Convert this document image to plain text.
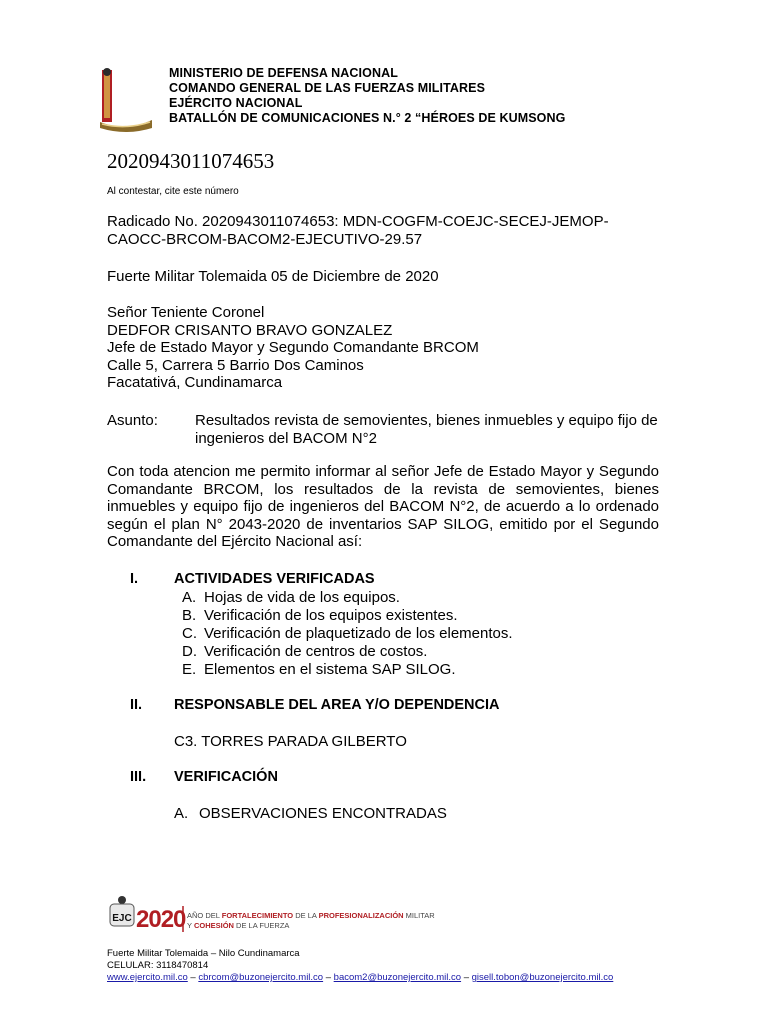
MINISTERIO DE DEFENSA NACIONAL
COMANDO GENERAL DE LAS FUERZAS MILITARES
EJÉRCITO NACIONAL
BATALLÓN DE COMUNICACIONES N.° 2 “HÉROES DE KUMSONG
2020943011074653
Al contestar, cite este número
Radicado No. 2020943011074653: MDN-COGFM-COEJC-SECEJ-JEMOP-
CAOCC-BRCOM-BACOM2-EJECUTIVO-29.57
Fuerte Militar Tolemaida 05 de Diciembre de 2020
Señor Teniente Coronel
DEDFOR CRISANTO BRAVO GONZALEZ
Jefe de Estado Mayor y Segundo Comandante BRCOM
Calle 5, Carrera 5 Barrio Dos Caminos
Facatativá, Cundinamarca
Asunto: Resultados revista de semovientes, bienes inmuebles y equipo fijo de
ingenieros del BACOM N°2
Con toda atencion me permito informar al señor Jefe de Estado Mayor y Segundo Comandante BRCOM, los resultados de la revista de semovientes, bienes inmuebles y equipo fijo de ingenieros del BACOM N°2, de acuerdo a lo ordenado según el plan N° 2043-2020 de inventarios SAP SILOG, emitido por el Segundo Comandante del Ejército Nacional así:
I. ACTIVIDADES VERIFICADAS
A. Hojas de vida de los equipos.
B. Verificación de los equipos existentes.
C. Verificación de plaquetizado de los elementos.
D. Verificación de centros de costos.
E. Elementos en el sistema SAP SILOG.
II. RESPONSABLE DEL AREA Y/O DEPENDENCIA
C3. TORRES PARADA GILBERTO
III. VERIFICACIÓN
A. OBSERVACIONES ENCONTRADAS
EJC 2020 AÑO DEL FORTALECIMIENTO DE LA PROFESIONALIZACIÓN MILITAR
Y COHESIÓN DE LA FUERZA
Fuerte Militar Tolemaida – Nilo Cundinamarca
CELULAR: 3118470814
www.ejercito.mil.co – cbrcom@buzonejercito.mil.co – bacom2@buzonejercito.mil.co – gisell.tobon@buzonejercito.mil.co
